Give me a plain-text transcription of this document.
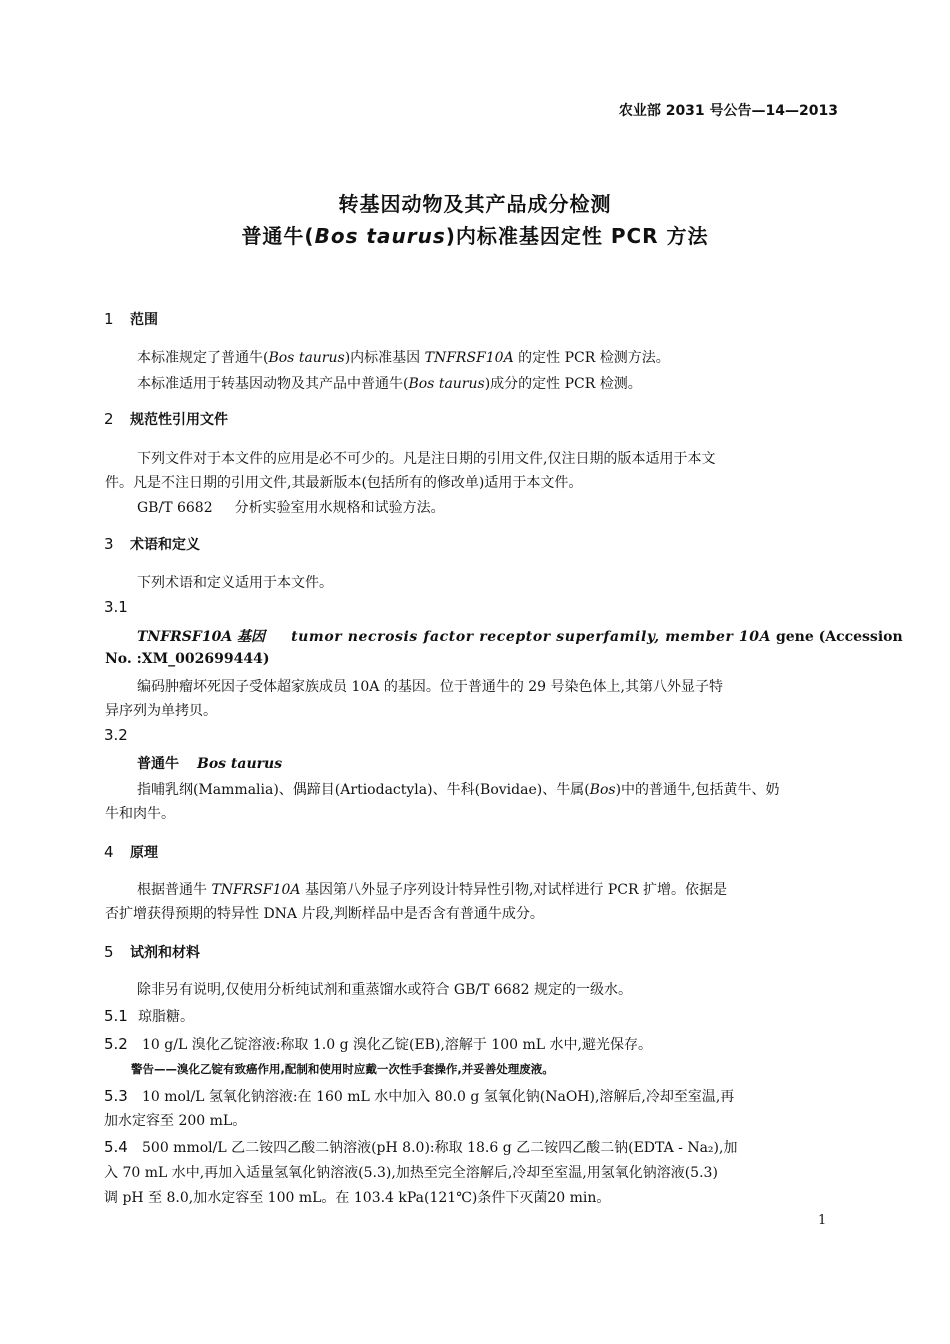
农业部 2031 号公告—14—2013
转基因动物及其产品成分检测
普通牛(Bos taurus)内标准基因定性 PCR 方法
1 范围
本标准规定了普通牛(Bos taurus)内标准基因 TNFRSF10A 的定性 PCR 检测方法。
本标准适用于转基因动物及其产品中普通牛(Bos taurus)成分的定性 PCR 检测。
2 规范性引用文件
下列文件对于本文件的应用是必不可少的。凡是注日期的引用文件,仅注日期的版本适用于本文
件。凡是不注日期的引用文件,其最新版本(包括所有的修改单)适用于本文件。
GB/T 6682 分析实验室用水规格和试验方法。
3 术语和定义
下列术语和定义适用于本文件。
3.1
TNFRSF10A 基因 tumor necrosis factor receptor superfamily, member 10A gene (Accession
No. :XM_002699444)
编码肿瘤坏死因子受体超家族成员 10A 的基因。位于普通牛的 29 号染色体上,其第八外显子特
异序列为单拷贝。
3.2
普通牛 Bos taurus
指哺乳纲(Mammalia)、偶蹄目(Artiodactyla)、牛科(Bovidae)、牛属(Bos)中的普通牛,包括黄牛、奶
牛和肉牛。
4 原理
根据普通牛 TNFRSF10A 基因第八外显子序列设计特异性引物,对试样进行 PCR 扩增。依据是
否扩增获得预期的特异性 DNA 片段,判断样品中是否含有普通牛成分。
5 试剂和材料
除非另有说明,仅使用分析纯试剂和重蒸馏水或符合 GB/T 6682 规定的一级水。
5.1 琼脂糖。
5.2 10 g/L 溴化乙锭溶液:称取 1.0 g 溴化乙锭(EB),溶解于 100 mL 水中,避光保存。
警告——溴化乙锭有致癌作用,配制和使用时应戴一次性手套操作,并妥善处理废液。
5.3 10 mol/L 氢氧化钠溶液:在 160 mL 水中加入 80.0 g 氢氧化钠(NaOH),溶解后,冷却至室温,再
加水定容至 200 mL。
5.4 500 mmol/L 乙二铵四乙酸二钠溶液(pH 8.0):称取 18.6 g 乙二铵四乙酸二钠(EDTA - Na₂),加
入 70 mL 水中,再加入适量氢氧化钠溶液(5.3),加热至完全溶解后,冷却至室温,用氢氧化钠溶液(5.3)
调 pH 至 8.0,加水定容至 100 mL。在 103.4 kPa(121℃)条件下灭菌20 min。
1
